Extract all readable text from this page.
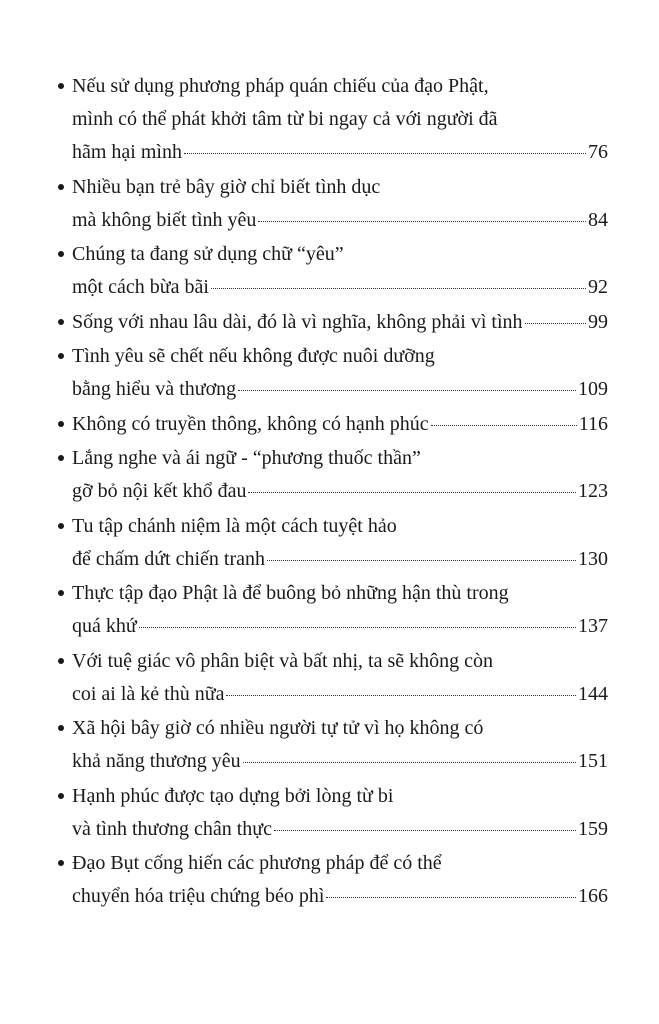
Nếu sử dụng phương pháp quán chiếu của đạo Phật,
mình có thể phát khởi tâm từ bi ngay cả với người đã
hãm hại mình	76
Nhiều bạn trẻ bây giờ chỉ biết tình dục
mà không biết tình yêu	84
Chúng ta đang sử dụng chữ “yêu”
một cách bừa bãi	92
Sống với nhau lâu dài, đó là vì nghĩa, không phải vì tình	99
Tình yêu sẽ chết nếu không được nuôi dưỡng
bằng hiểu và thương	109
Không có truyền thông, không có hạnh phúc	116
Lắng nghe và ái ngữ - “phương thuốc thần”
gỡ bỏ nội kết khổ đau	123
Tu tập chánh niệm là một cách tuyệt hảo
để chấm dứt chiến tranh	130
Thực tập đạo Phật là để buông bỏ những hận thù trong
quá khứ	137
Với tuệ giác vô phân biệt và bất nhị, ta sẽ không còn
coi ai là kẻ thù nữa	144
Xã hội bây giờ có nhiều người tự tử vì họ không có
khả năng thương yêu	151
Hạnh phúc được tạo dựng bởi lòng từ bi
và tình thương chân thực	159
Đạo Bụt cống hiến các phương pháp để có thể
chuyển hóa triệu chứng béo phì	166
